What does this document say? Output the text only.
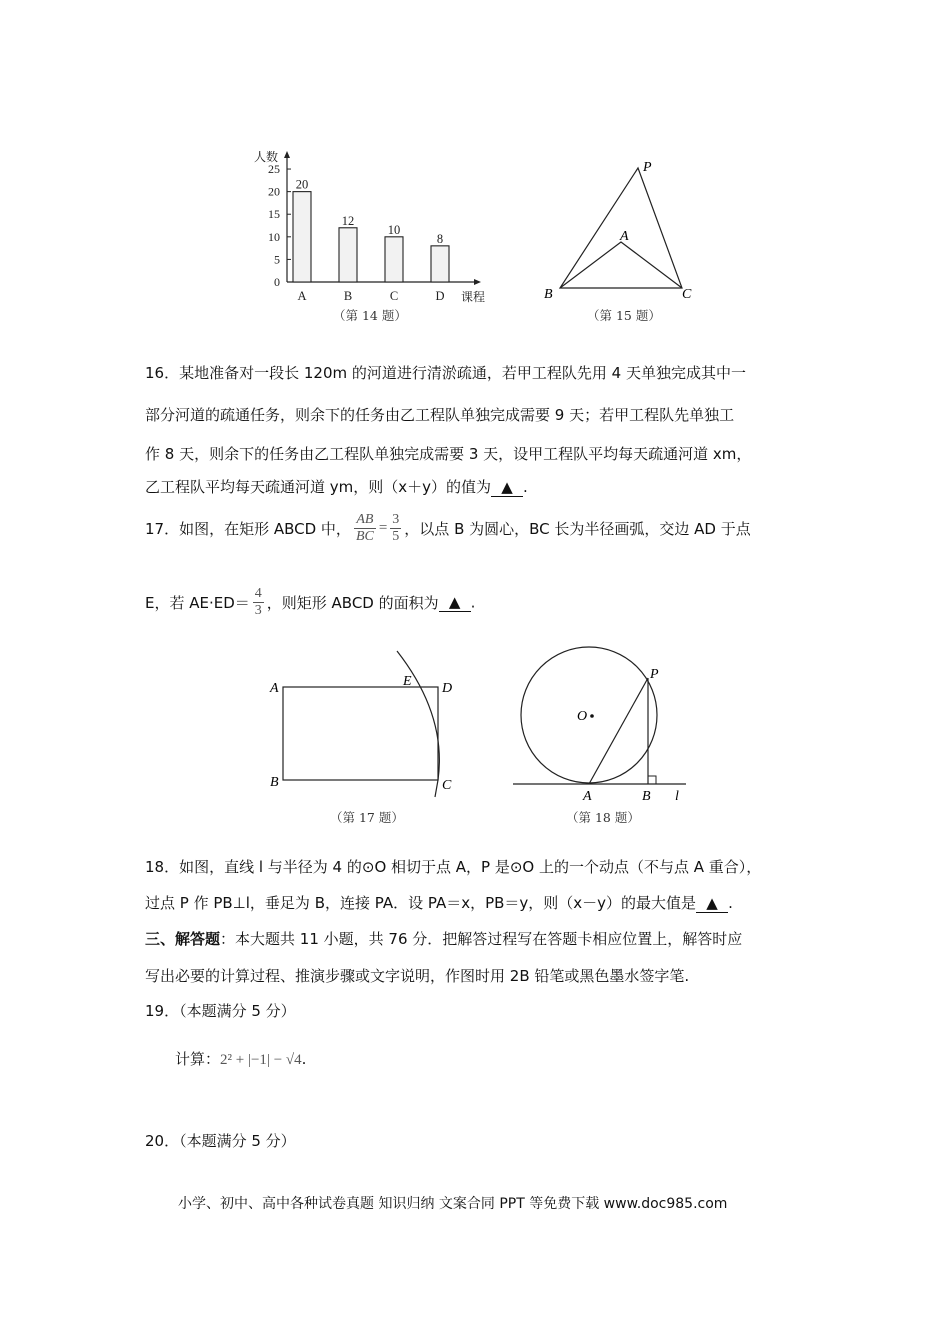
人数
0
5
10
15
20
25
20
A
12
B
10
C
8
D 课程
（第 14 题）
P
A
B	C
（第 15 题）
16．某地准备对一段长 120m 的河道进行清淤疏通，若甲工程队先用 4 天单独完成其中一
部分河道的疏通任务，则余下的任务由乙工程队单独完成需要 9 天；若甲工程队先单独工
作 8 天，则余下的任务由乙工程队单独完成需要 3 天，设甲工程队平均每天疏通河道 xm，
乙工程队平均每天疏通河道 ym，则（x＋y）的值为 ▲ .
17．如图，在矩形 ABCD 中， $\frac{AB}{BC} = \frac{3}{5}$ ，以点 B 为圆心，BC 长为半径画弧，交边 AD 于点
E，若 $AE\cdot ED= \frac{4}{3}$ ，则矩形 ABCD 的面积为 ▲ .
A	E D
B	C
（第 17 题）
P
O
A	B l
（第 18 题）
18．如图，直线 l 与半径为 4 的⊙O 相切于点 A，P 是⊙O 上的一个动点（不与点 A 重合），
过点 P 作 PB⊥l，垂足为 B，连接 PA．设 PA＝x，PB＝y，则（x－y）的最大值是 ▲ .
三、解答题：本大题共 11 小题，共 76 分．把解答过程写在答题卡相应位置上，解答时应
写出必要的计算过程、推演步骤或文字说明，作图时用 2B 铅笔或黑色墨水签字笔.
19．（本题满分 5 分）
计算：2² + |−1| − √4.
20．（本题满分 5 分）
小学、初中、高中各种试卷真题 知识归纳 文案合同 PPT 等免费下载 www.doc985.com
